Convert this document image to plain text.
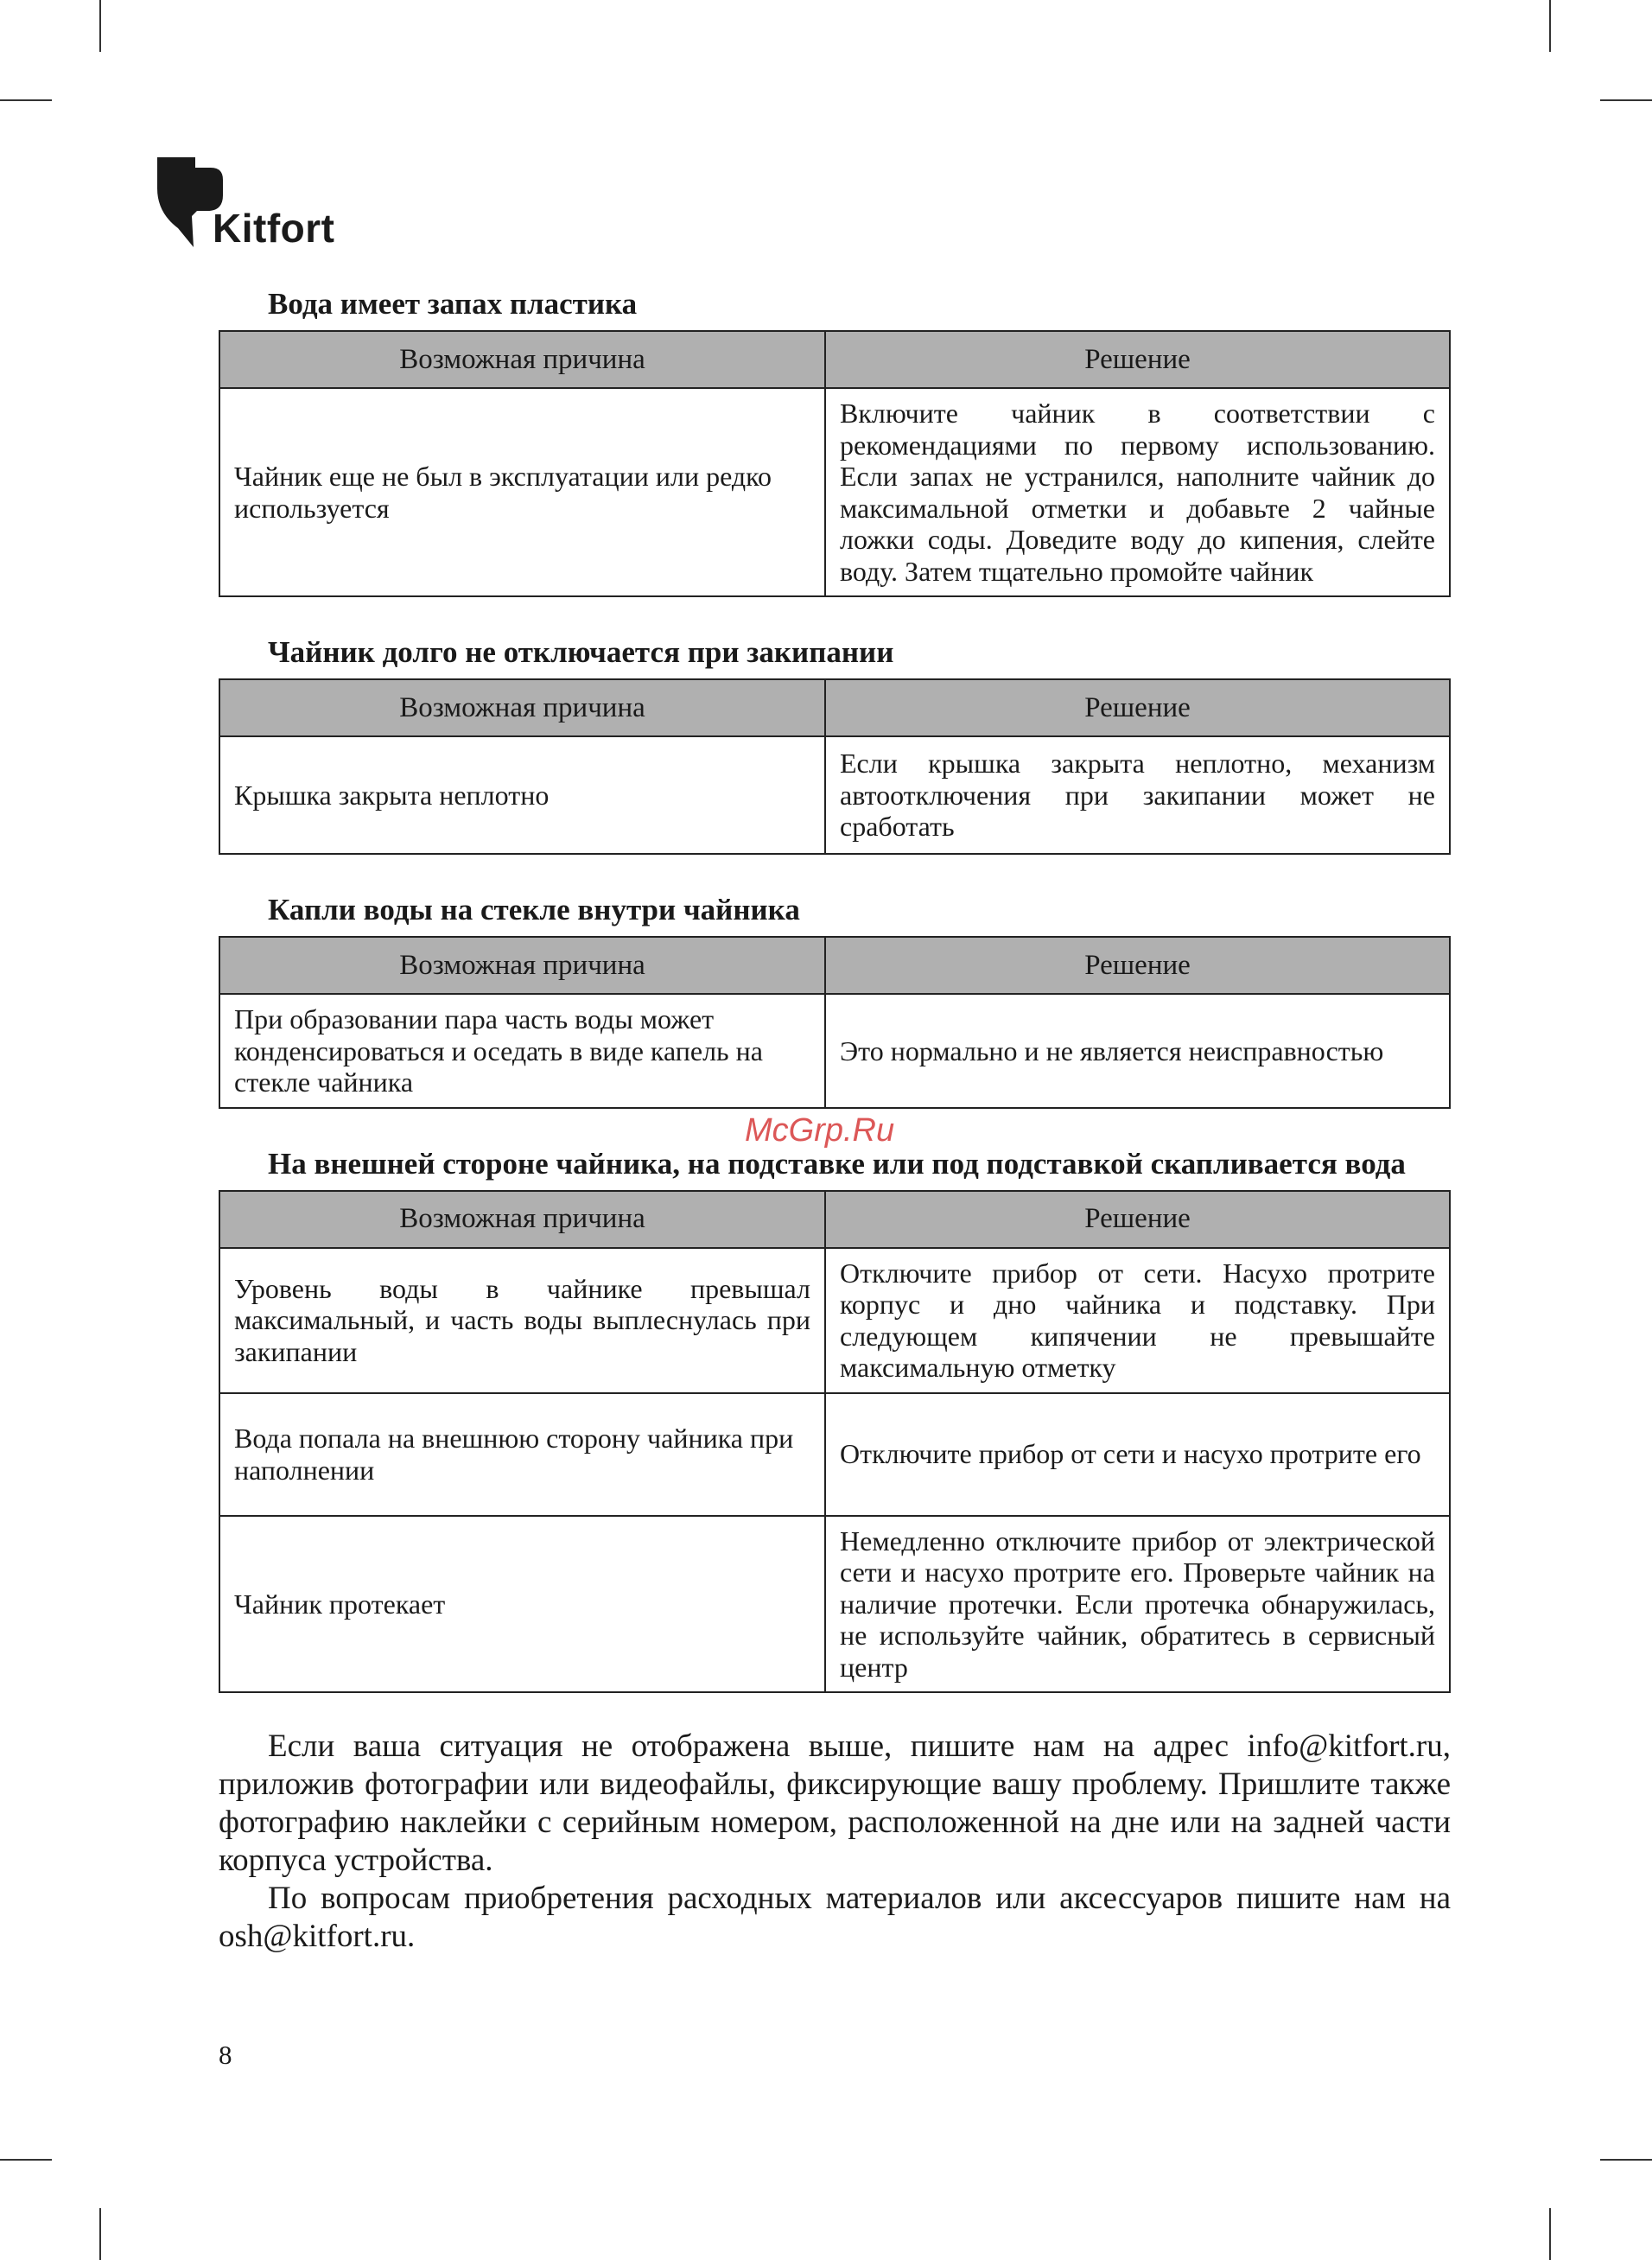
Kitfort
Вода имеет запах пластика
Возможная причина	Решение
Чайник еще не был в эксплуатации или редко используется	Включите чайник в соответствии с рекомендациями по первому использованию. Если запах не устранился, наполните чайник до максимальной отметки и добавьте 2 чайные ложки соды. Доведите воду до кипения, слейте воду. Затем тщательно промойте чайник
Чайник долго не отключается при закипании
Возможная причина	Решение
Крышка закрыта неплотно	Если крышка закрыта неплотно, механизм автоотключения при закипании может не сработать
Капли воды на стекле внутри чайника
Возможная причина	Решение
При образовании пара часть воды может конденсироваться и оседать в виде капель на стекле чайника	Это нормально и не является неисправностью
На внешней стороне чайника, на подставке или под подставкой скапливается вода
Возможная причина	Решение
Уровень воды в чайнике превышал максимальный, и часть воды выплеснулась при закипании	Отключите прибор от сети. Насухо протрите корпус и дно чайника и подставку. При следующем кипячении не превышайте максимальную отметку
Вода попала на внешнюю сторону чайника при наполнении	Отключите прибор от сети и насухо протрите его
Чайник протекает	Немедленно отключите прибор от электрической сети и насухо протрите его. Проверьте чайник на наличие протечки. Если протечка обнаружилась, не используйте чайник, обратитесь в сервисный центр

Если ваша ситуация не отображена выше, пишите нам на адрес info@kitfort.ru, приложив фотографии или видеофайлы, фиксирующие вашу проблему. Пришлите также фотографию наклейки с серийным номером, расположенной на дне или на задней части корпуса устройства.

По вопросам приобретения расходных материалов или аксессуаров пишите нам на osh@kitfort.ru.

McGrp.Ru
8
